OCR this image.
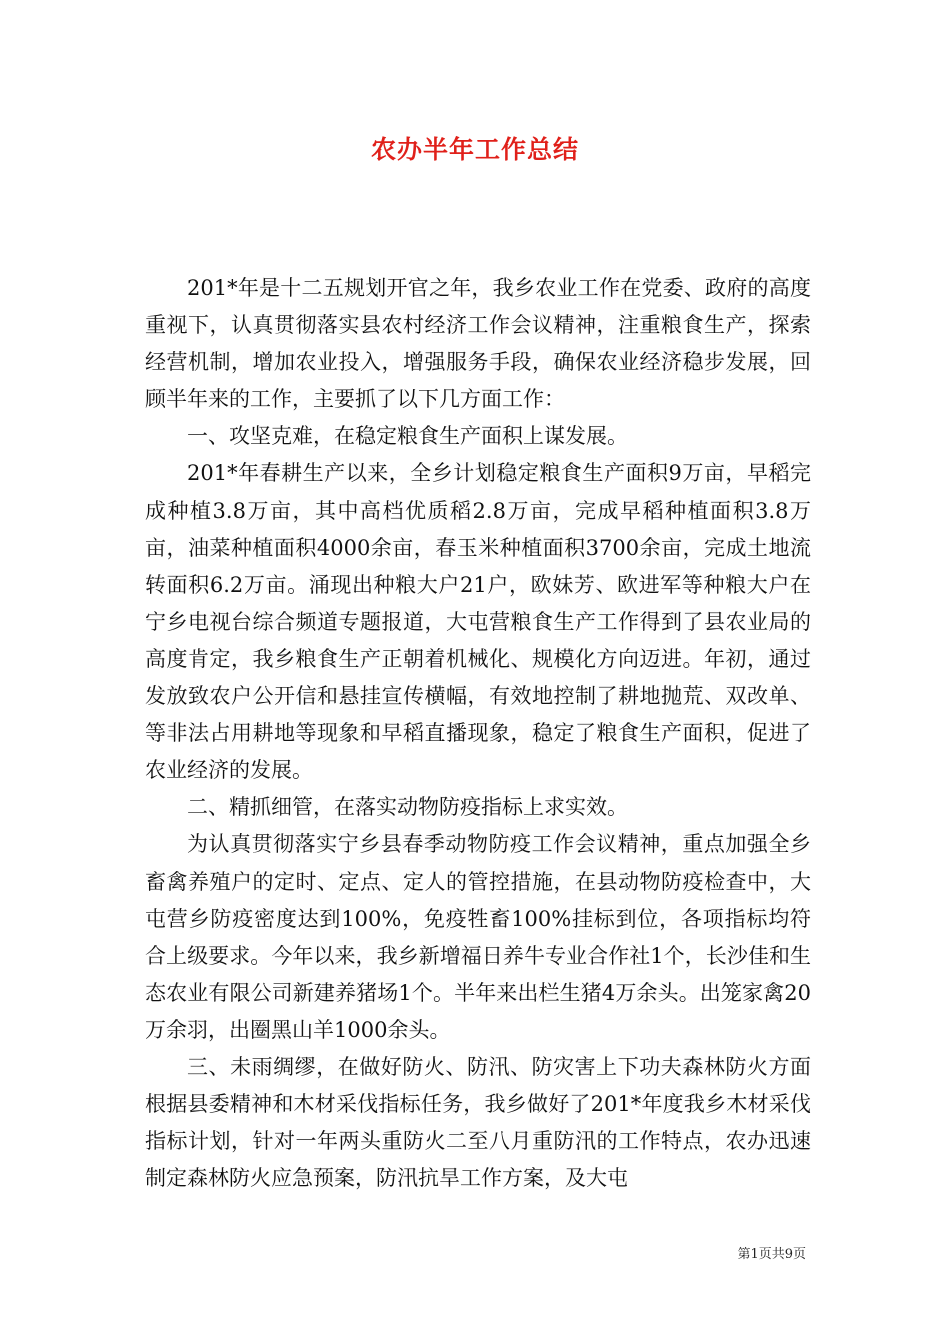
农办半年工作总结

201*年是十二五规划开官之年，我乡农业工作在党委、政府的高度重视下，认真贯彻落实县农村经济工作会议精神，注重粮食生产，探索经营机制，增加农业投入，增强服务手段，确保农业经济稳步发展，回顾半年来的工作，主要抓了以下几方面工作：

一、攻坚克难，在稳定粮食生产面积上谋发展。

201*年春耕生产以来，全乡计划稳定粮食生产面积9万亩，早稻完成种植3.8万亩，其中高档优质稻2.8万亩，完成早稻种植面积3.8万亩，油菜种植面积4000余亩，春玉米种植面积3700余亩，完成土地流转面积6.2万亩。涌现出种粮大户21户，欧妹芳、欧进军等种粮大户在宁乡电视台综合频道专题报道，大屯营粮食生产工作得到了县农业局的高度肯定，我乡粮食生产正朝着机械化、规模化方向迈进。年初，通过发放致农户公开信和悬挂宣传横幅，有效地控制了耕地抛荒、双改单、等非法占用耕地等现象和早稻直播现象，稳定了粮食生产面积，促进了农业经济的发展。

二、精抓细管，在落实动物防疫指标上求实效。

为认真贯彻落实宁乡县春季动物防疫工作会议精神，重点加强全乡畜禽养殖户的定时、定点、定人的管控措施，在县动物防疫检查中，大屯营乡防疫密度达到100%，免疫牲畜100%挂标到位，各项指标均符合上级要求。今年以来，我乡新增福日养牛专业合作社1个，长沙佳和生态农业有限公司新建养猪场1个。半年来出栏生猪4万余头。出笼家禽20万余羽，出圈黑山羊1000余头。

三、未雨绸缪，在做好防火、防汛、防灾害上下功夫森林防火方面根据县委精神和木材采伐指标任务，我乡做好了201*年度我乡木材采伐指标计划，针对一年两头重防火二至八月重防汛的工作特点，农办迅速制定森林防火应急预案，防汛抗旱工作方案，及大屯

第1页共9页
